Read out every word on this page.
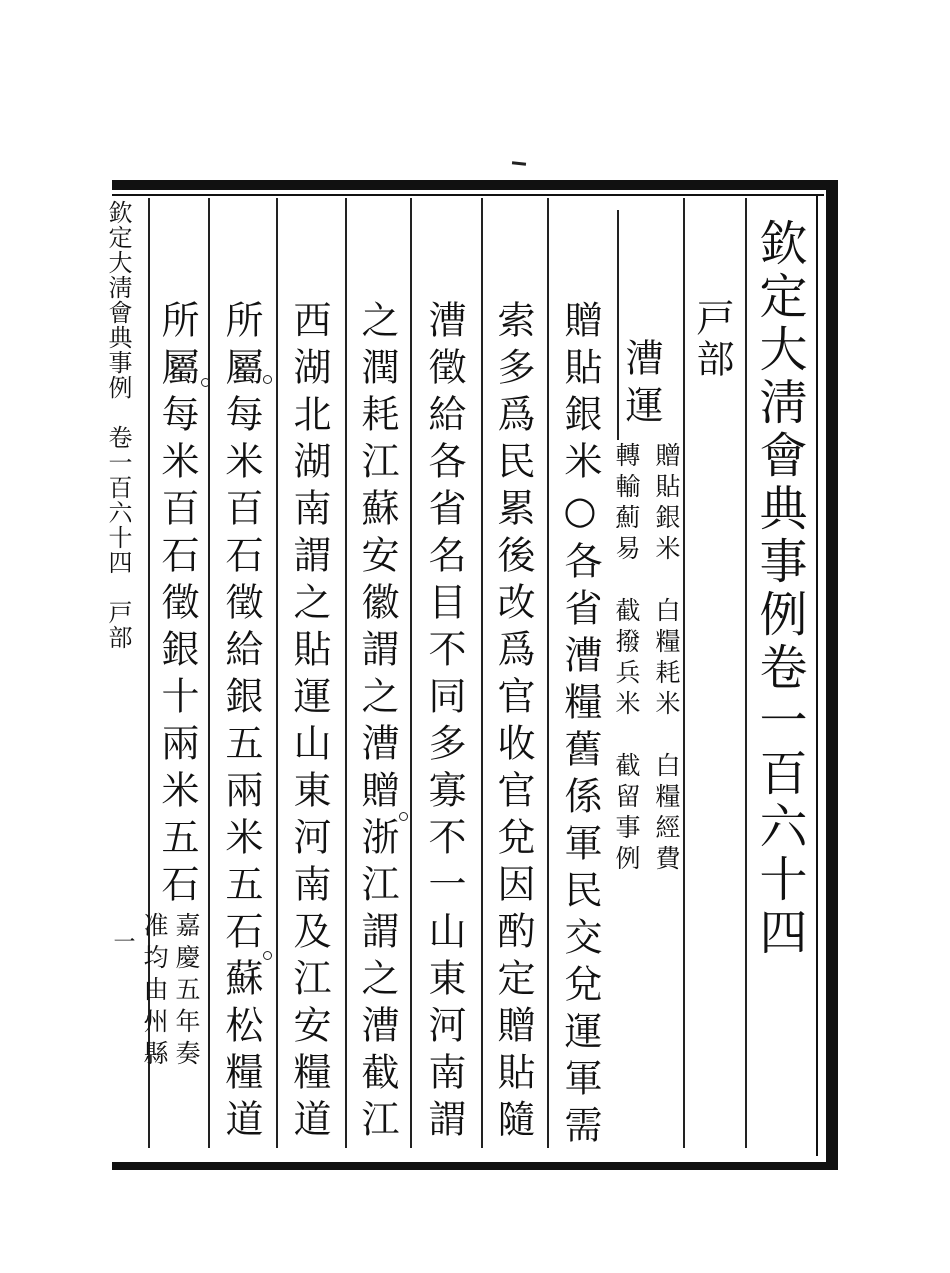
欽定大淸會典事例卷一百六十四
戸部
漕運
贈貼銀米　白糧耗米　白糧經費
轉輸薊易　截撥兵米　截留事例
贈貼銀米○各省漕糧舊係軍民交兌運軍需
索多爲民累後改爲官收官兌因酌定贈貼隨
漕徵給各省名目不同多寡不一山東河南謂
之潤耗江蘇安徽謂之漕贈浙江謂之漕截江
西湖北湖南謂之貼運山東河南及江安糧道
所屬每米百石徵給銀五兩米五石蘇松糧道
所屬每米百石徵銀十兩米五石
嘉慶五年奏
准均由州縣
欽定大淸會典事例　卷一百六十四　戸部
一
